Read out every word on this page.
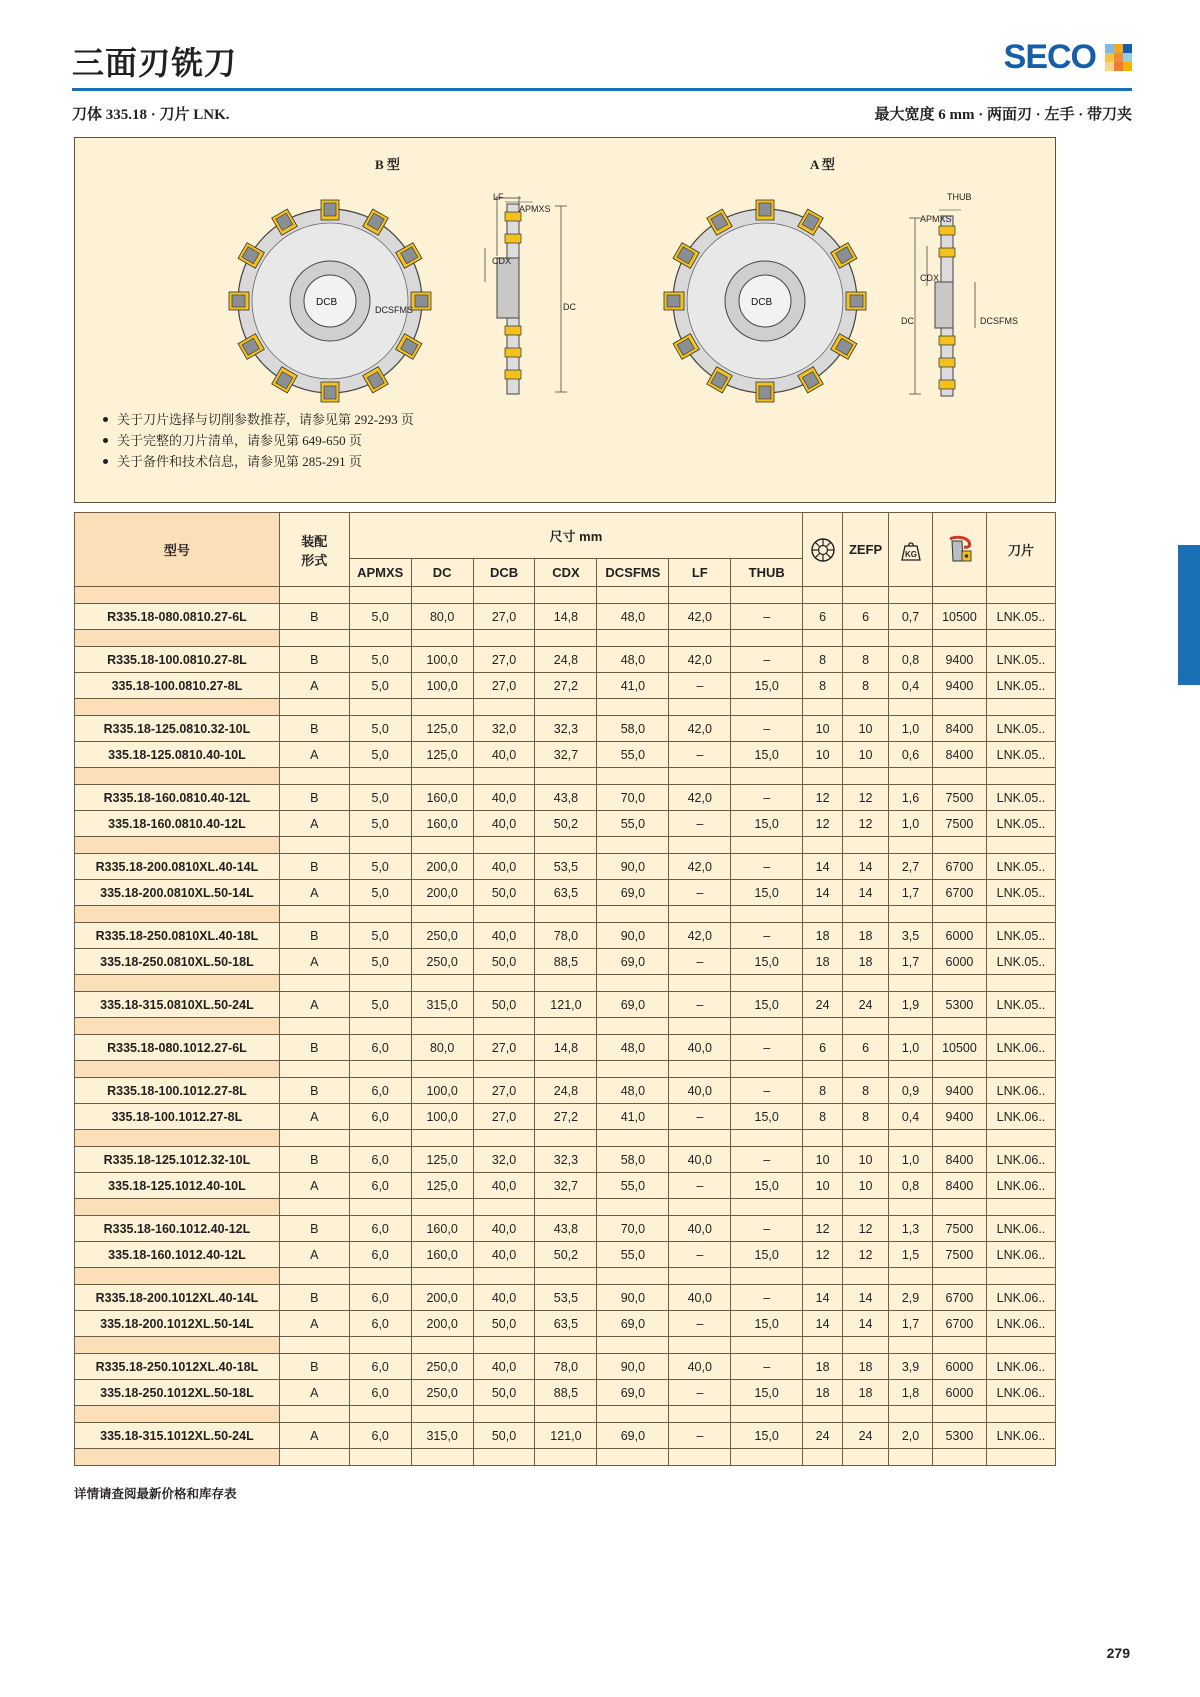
三面刃铣刀	SECO
刀体 335.18 · 刀片 LNK.	最大宽度 6 mm · 两面刃 · 左手 · 带刀夹
B 型	A 型
DCB
LF
APMXS
CDX
DCSFMS	DC	DCB
THUB
APMXS
CDX
DC	DCSFMS
关于刀片选择与切削参数推荐，请参见第 292-293 页
关于完整的刀片清单，请参见第 649-650 页
关于备件和技术信息，请参见第 285-291 页
型号	装配
形式	尺寸 mm								ZEFP	KG		刀片
		APMXS	DC	DCB	CDX	DCSFMS	LF	THUB					

R335.18-080.0810.27-6L	B	5,0	80,0	27,0	14,8	48,0	42,0	–	6	6	0,7	10500	LNK.05..

R335.18-100.0810.27-8L	B	5,0	100,0	27,0	24,8	48,0	42,0	–	8	8	0,8	9400	LNK.05..
335.18-100.0810.27-8L	A	5,0	100,0	27,0	27,2	41,0	–	15,0	8	8	0,4	9400	LNK.05..

R335.18-125.0810.32-10L	B	5,0	125,0	32,0	32,3	58,0	42,0	–	10	10	1,0	8400	LNK.05..
335.18-125.0810.40-10L	A	5,0	125,0	40,0	32,7	55,0	–	15,0	10	10	0,6	8400	LNK.05..

R335.18-160.0810.40-12L	B	5,0	160,0	40,0	43,8	70,0	42,0	–	12	12	1,6	7500	LNK.05..
335.18-160.0810.40-12L	A	5,0	160,0	40,0	50,2	55,0	–	15,0	12	12	1,0	7500	LNK.05..

R335.18-200.0810XL.40-14L	B	5,0	200,0	40,0	53,5	90,0	42,0	–	14	14	2,7	6700	LNK.05..
335.18-200.0810XL.50-14L	A	5,0	200,0	50,0	63,5	69,0	–	15,0	14	14	1,7	6700	LNK.05..

R335.18-250.0810XL.40-18L	B	5,0	250,0	40,0	78,0	90,0	42,0	–	18	18	3,5	6000	LNK.05..
335.18-250.0810XL.50-18L	A	5,0	250,0	50,0	88,5	69,0	–	15,0	18	18	1,7	6000	LNK.05..

335.18-315.0810XL.50-24L	A	5,0	315,0	50,0	121,0	69,0	–	15,0	24	24	1,9	5300	LNK.05..

R335.18-080.1012.27-6L	B	6,0	80,0	27,0	14,8	48,0	40,0	–	6	6	1,0	10500	LNK.06..

R335.18-100.1012.27-8L	B	6,0	100,0	27,0	24,8	48,0	40,0	–	8	8	0,9	9400	LNK.06..
335.18-100.1012.27-8L	A	6,0	100,0	27,0	27,2	41,0	–	15,0	8	8	0,4	9400	LNK.06..

R335.18-125.1012.32-10L	B	6,0	125,0	32,0	32,3	58,0	40,0	–	10	10	1,0	8400	LNK.06..
335.18-125.1012.40-10L	A	6,0	125,0	40,0	32,7	55,0	–	15,0	10	10	0,8	8400	LNK.06..

R335.18-160.1012.40-12L	B	6,0	160,0	40,0	43,8	70,0	40,0	–	12	12	1,3	7500	LNK.06..
335.18-160.1012.40-12L	A	6,0	160,0	40,0	50,2	55,0	–	15,0	12	12	1,5	7500	LNK.06..

R335.18-200.1012XL.40-14L	B	6,0	200,0	40,0	53,5	90,0	40,0	–	14	14	2,9	6700	LNK.06..
335.18-200.1012XL.50-14L	A	6,0	200,0	50,0	63,5	69,0	–	15,0	14	14	1,7	6700	LNK.06..

R335.18-250.1012XL.40-18L	B	6,0	250,0	40,0	78,0	90,0	40,0	–	18	18	3,9	6000	LNK.06..
335.18-250.1012XL.50-18L	A	6,0	250,0	50,0	88,5	69,0	–	15,0	18	18	1,8	6000	LNK.06..

335.18-315.1012XL.50-24L	A	6,0	315,0	50,0	121,0	69,0	–	15,0	24	24	2,0	5300	LNK.06..

详情请查阅最新价格和库存表
279
